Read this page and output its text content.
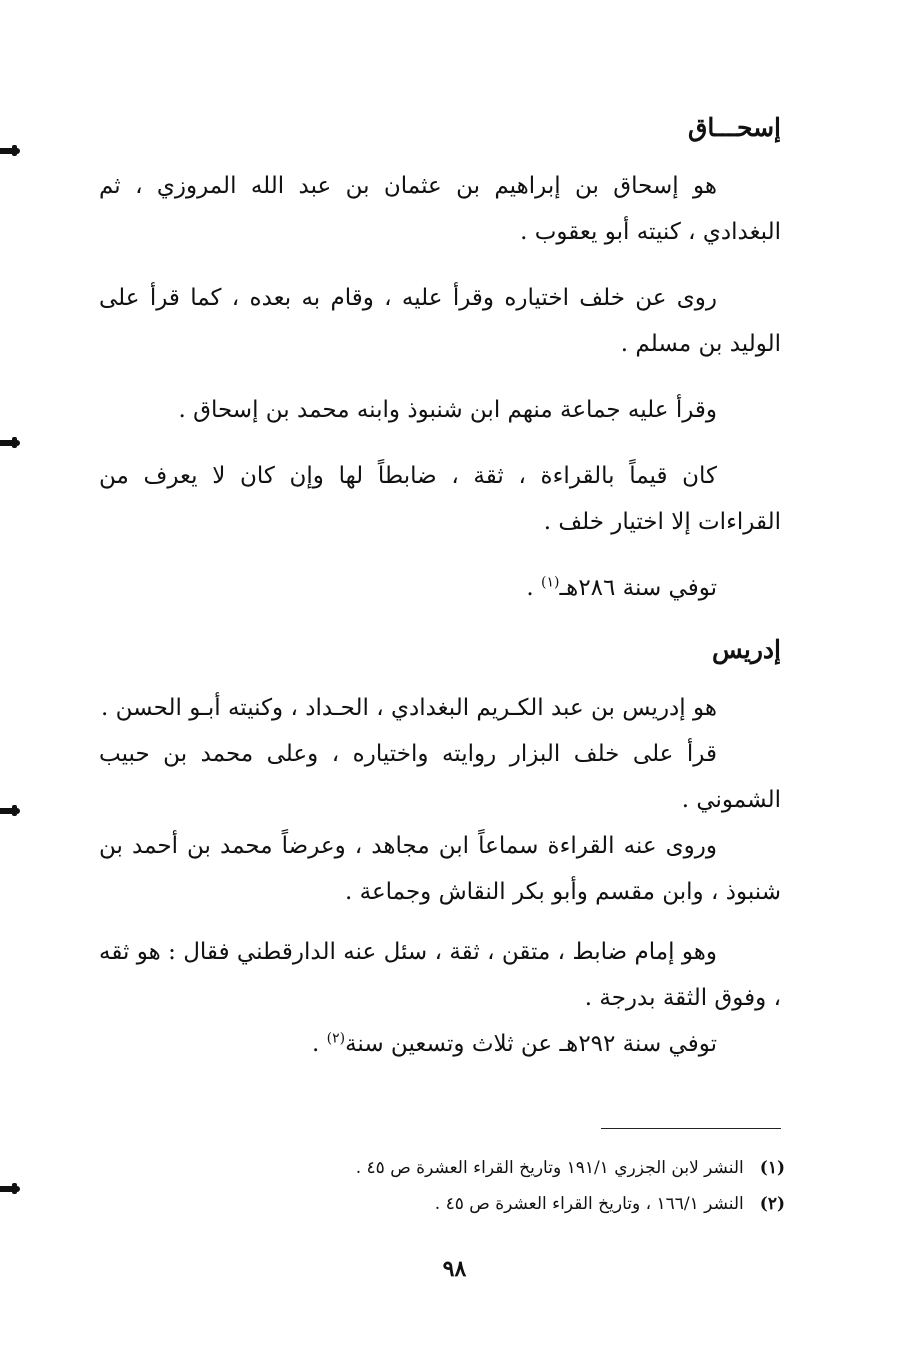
إسحـــاق

هو إسحاق بن إبراهيم بن عثمان بن عبد الله المروزي ، ثم البغدادي ، كنيته أبو يعقوب .

روى عن خلف اختياره وقرأ عليه ، وقام به بعده ، كما قرأ على الوليد بن مسلم .

وقرأ عليه جماعة منهم ابن شنبوذ وابنه محمد بن إسحاق .

كان قيماً بالقراءة ، ثقة ، ضابطاً لها وإن كان لا يعرف من القراءات إلا اختيار خلف .

توفي سنة ٢٨٦هـ$^{(١)}$ .

إدريس

هو إدريس بن عبد الكـريم البغدادي ، الحـداد ، وكنيته أبـو الحسن .

قرأ على خلف البزار روايته واختياره ، وعلى محمد بن حبيب الشموني .

وروى عنه القراءة سماعاً ابن مجاهد ، وعرضاً محمد بن أحمد بن شنبوذ ، وابن مقسم وأبو بكر النقاش وجماعة .

وهو إمام ضابط ، متقن ، ثقة ، سئل عنه الدارقطني فقال : هو ثقه ، وفوق الثقة بدرجة .

توفي سنة ٢٩٢هـ عن ثلاث وتسعين سنة$^{(٢)}$ .

(١)النشر لابن الجزري ١٩١/١ وتاريخ القراء العشرة ص ٤٥ .
(٢)النشر ١٦٦/١ ، وتاريخ القراء العشرة ص ٤٥ .
٩٨
